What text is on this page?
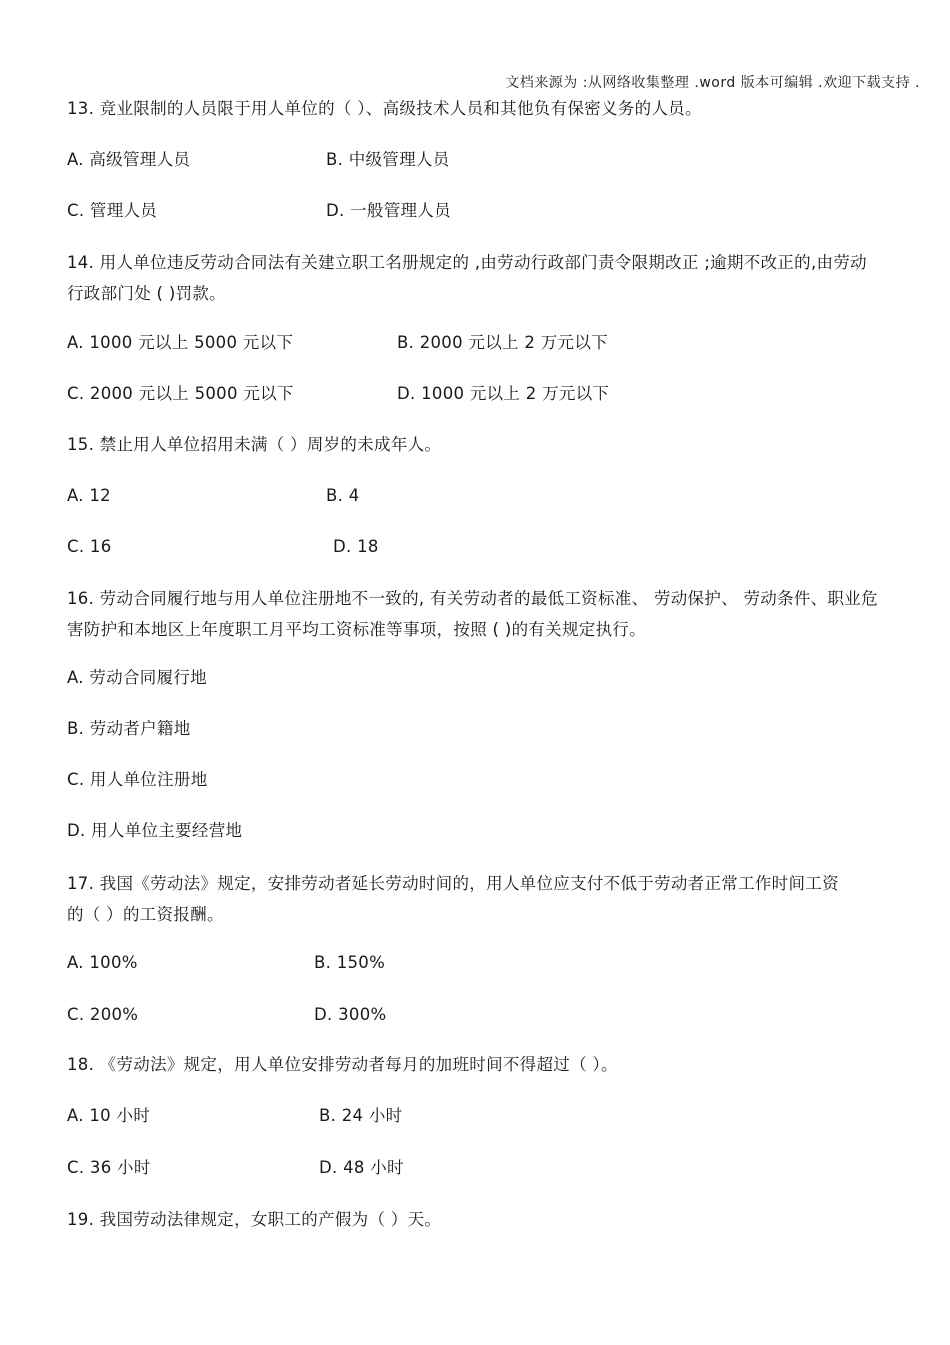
文档来源为 :从网络收集整理 .word 版本可编辑 .欢迎下载支持 .
13. 竞业限制的人员限于用人单位的（ ）、高级技术人员和其他负有保密义务的人员。
A. 高级管理人员	B. 中级管理人员
C. 管理人员	D. 一般管理人员
14. 用人单位违反劳动合同法有关建立职工名册规定的 ,由劳动行政部门责令限期改正 ;逾期不改正的,由劳动行政部门处 ( )罚款。
A. 1000 元以上 5000 元以下	B. 2000 元以上 2 万元以下
C. 2000 元以上 5000 元以下	D. 1000 元以上 2 万元以下
15. 禁止用人单位招用未满（ ）周岁的未成年人。
A. 12	B. 4
C. 16	D. 18
16. 劳动合同履行地与用人单位注册地不一致的, 有关劳动者的最低工资标准、 劳动保护、 劳动条件、职业危害防护和本地区上年度职工月平均工资标准等事项，按照 ( )的有关规定执行。
A. 劳动合同履行地
B. 劳动者户籍地
C. 用人单位注册地
D. 用人单位主要经营地
17. 我国《劳动法》规定，安排劳动者延长劳动时间的，用人单位应支付不低于劳动者正常工作时间工资的（ ）的工资报酬。
A. 100%	B. 150%
C. 200%	D. 300%
18. 《劳动法》规定，用人单位安排劳动者每月的加班时间不得超过（ ）。
A. 10 小时	B. 24 小时
C. 36 小时	D. 48 小时
19. 我国劳动法律规定，女职工的产假为（ ）天。
